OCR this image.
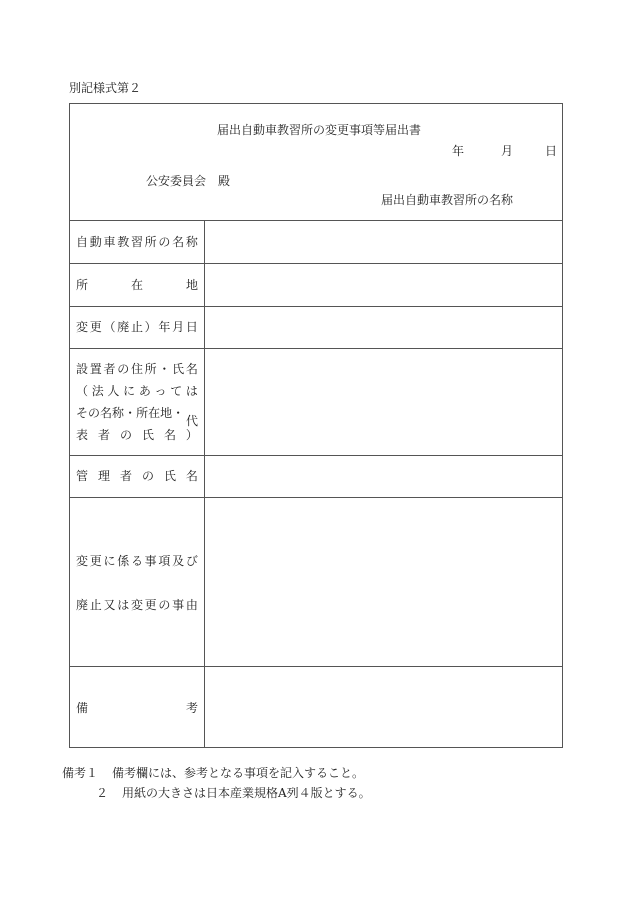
別記様式第２
届出自動車教習所の変更事項等届出書
年	月	日
公安委員会　殿
届出自動車教習所の名称
自 動 車 教 習 所 の 名 称
所	在	地
変 更 （ 廃 止 ） 年 月 日
設 置 者 の 住 所 ・ 氏 名
（ 法 人 に あ っ て は
その名称・所在地・
代
表 者 の 氏 名 ）
管 理 者 の 氏 名
変 更 に 係 る 事 項 及 び
廃 止 又 は 変 更 の 事 由
備	考
備考１ 備考欄には、参考となる事項を記入すること。
２ 用紙の大きさは日本産業規格A列４版とする。
